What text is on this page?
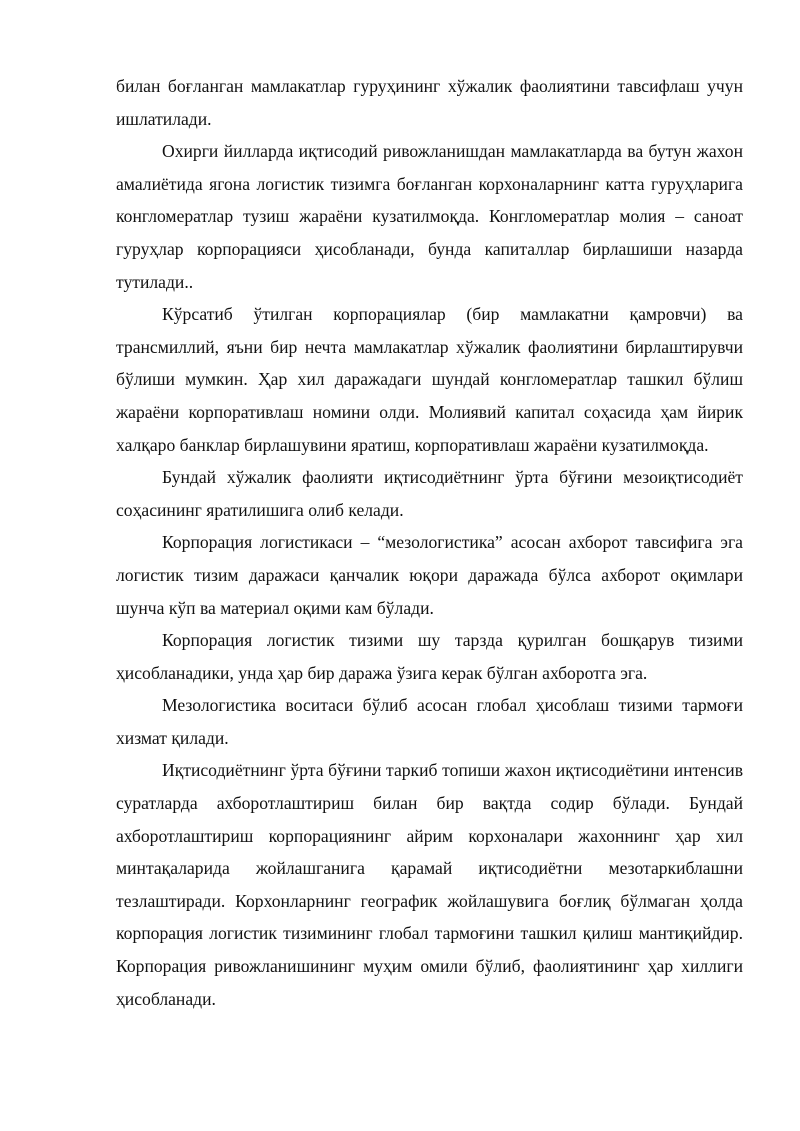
билан боғланган мамлакатлар гуруҳининг хўжалик фаолиятини тавсифлаш учун ишлатилади.

Охирги йилларда иқтисодий ривожланишдан мамлакатларда ва бутун жахон амалиётида ягона логистик тизимга боғланган корхоналарнинг катта гуруҳларига конгломератлар тузиш жараёни кузатилмоқда. Конгломератлар молия – саноат гуруҳлар корпорацияси ҳисобланади, бунда капиталлар бирлашиши назарда тутилади..

Кўрсатиб ўтилган корпорациялар (бир мамлакатни қамровчи) ва трансмиллий, яъни бир нечта мамлакатлар хўжалик фаолиятини бирлаштирувчи бўлиши мумкин. Ҳар хил даражадаги шундай конгломератлар ташкил бўлиш жараёни корпоративлаш номини олди. Молиявий капитал соҳасида ҳам йирик халқаро банклар бирлашувини яратиш, корпоративлаш жараёни кузатилмоқда.

Бундай хўжалик фаолияти иқтисодиётнинг ўрта бўғини мезоиқтисодиёт соҳасининг яратилишига олиб келади.

Корпорация логистикаси – “мезологистика” асосан ахборот тавсифига эга логистик тизим даражаси қанчалик юқори даражада бўлса ахборот оқимлари шунча кўп ва материал оқими кам бўлади.

Корпорация логистик тизими шу тарзда қурилган бошқарув тизими ҳисобланадики, унда ҳар бир даража ўзига керак бўлган ахборотга эга.

Мезологистика воситаси бўлиб асосан глобал ҳисоблаш тизими тармоғи хизмат қилади.

Иқтисодиётнинг ўрта бўғини таркиб топиши жахон иқтисодиётини интенсив суратларда ахборотлаштириш билан бир вақтда содир бўлади. Бундай ахборотлаштириш корпорациянинг айрим корхоналари жахоннинг ҳар хил минтақаларида жойлашганига қарамай иқтисодиётни мезотаркиблашни тезлаштиради. Корхонларнинг географик жойлашувига боғлиқ бўлмаган ҳолда корпорация логистик тизимининг глобал тармоғини ташкил қилиш мантиқийдир. Корпорация ривожланишининг муҳим омили бўлиб, фаолиятининг ҳар хиллиги ҳисобланади.
